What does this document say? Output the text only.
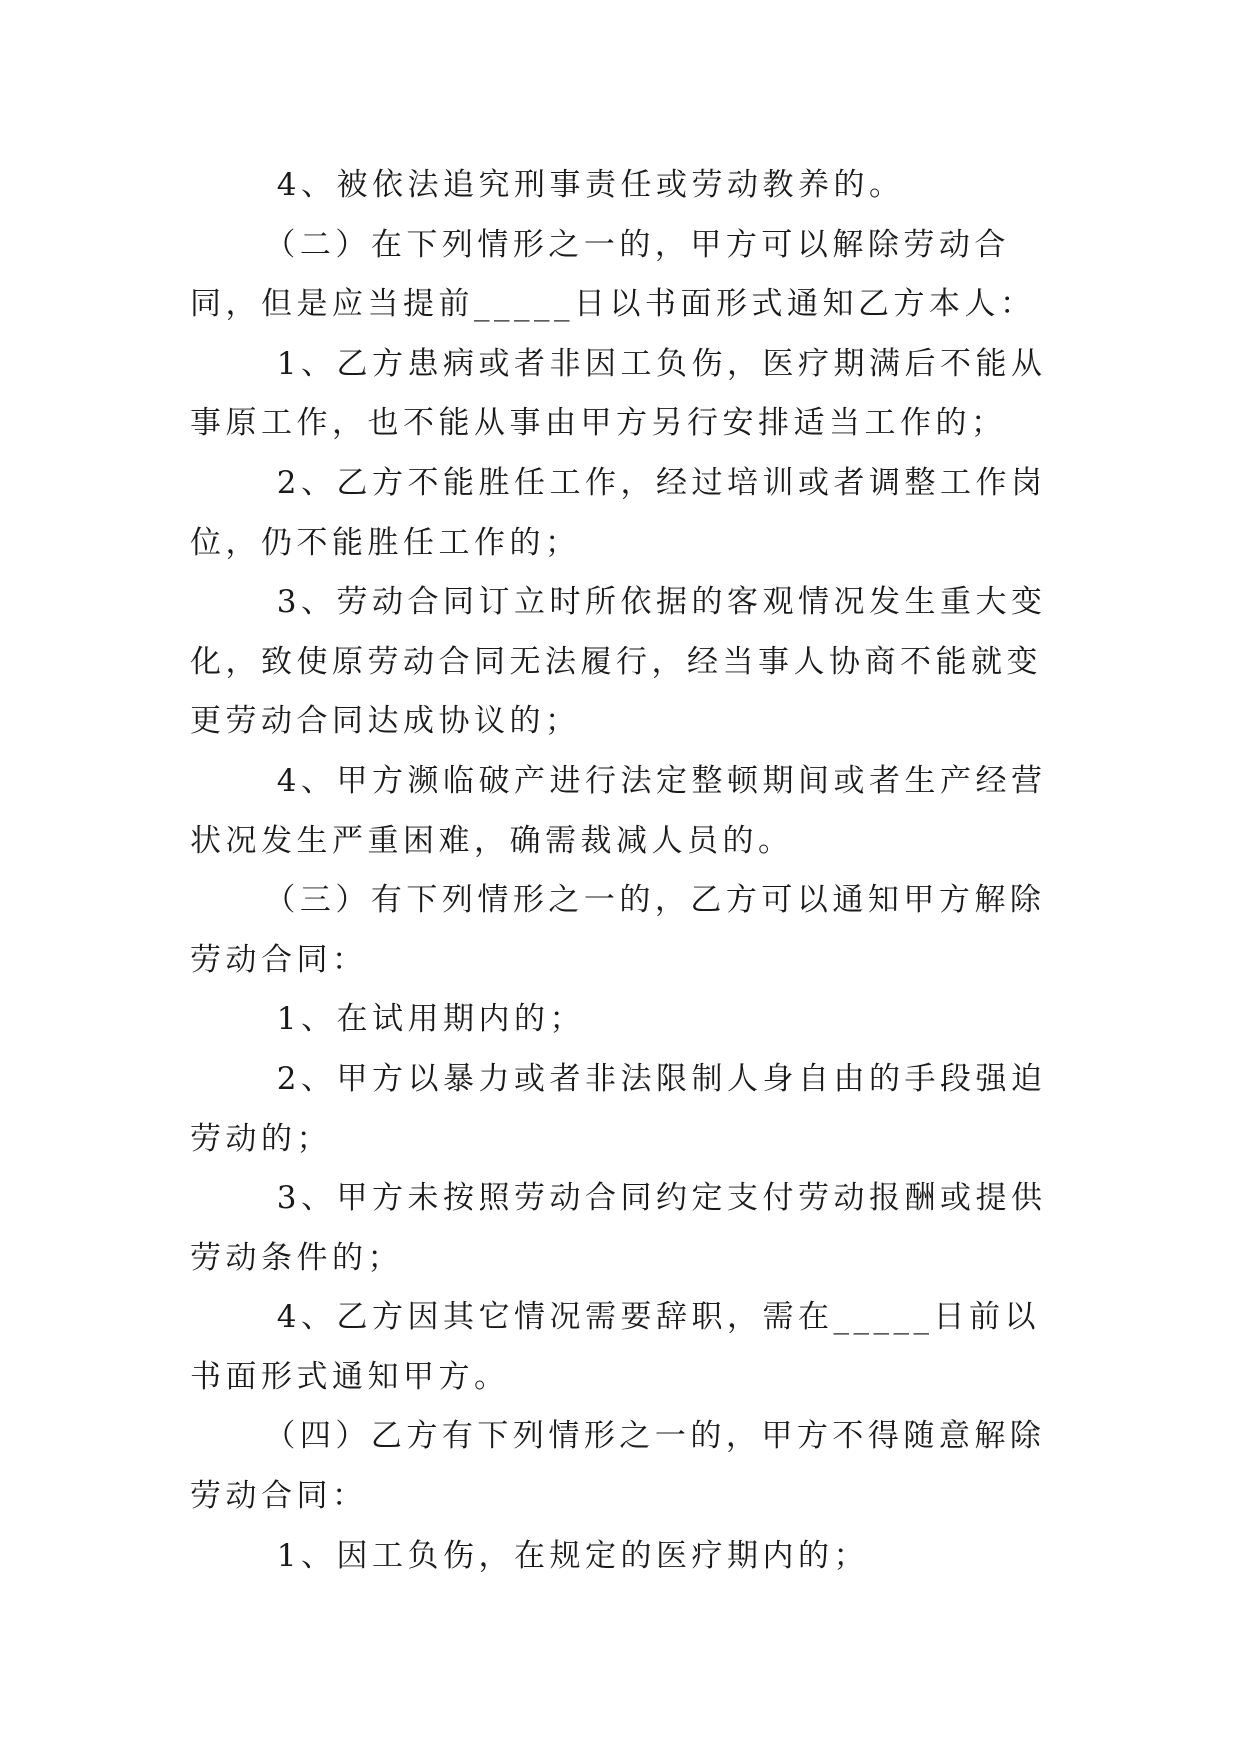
4、被依法追究刑事责任或劳动教养的。

（二）在下列情形之一的，甲方可以解除劳动合同，但是应当提前_____日以书面形式通知乙方本人：

1、乙方患病或者非因工负伤，医疗期满后不能从事原工作，也不能从事由甲方另行安排适当工作的；

2、乙方不能胜任工作，经过培训或者调整工作岗位，仍不能胜任工作的；

3、劳动合同订立时所依据的客观情况发生重大变化，致使原劳动合同无法履行，经当事人协商不能就变更劳动合同达成协议的；

4、甲方濒临破产进行法定整顿期间或者生产经营状况发生严重困难，确需裁减人员的。

（三）有下列情形之一的，乙方可以通知甲方解除劳动合同：

1、在试用期内的；

2、甲方以暴力或者非法限制人身自由的手段强迫劳动的；

3、甲方未按照劳动合同约定支付劳动报酬或提供劳动条件的；

4、乙方因其它情况需要辞职，需在_____日前以书面形式通知甲方。

（四）乙方有下列情形之一的，甲方不得随意解除劳动合同：

1、因工负伤，在规定的医疗期内的；
